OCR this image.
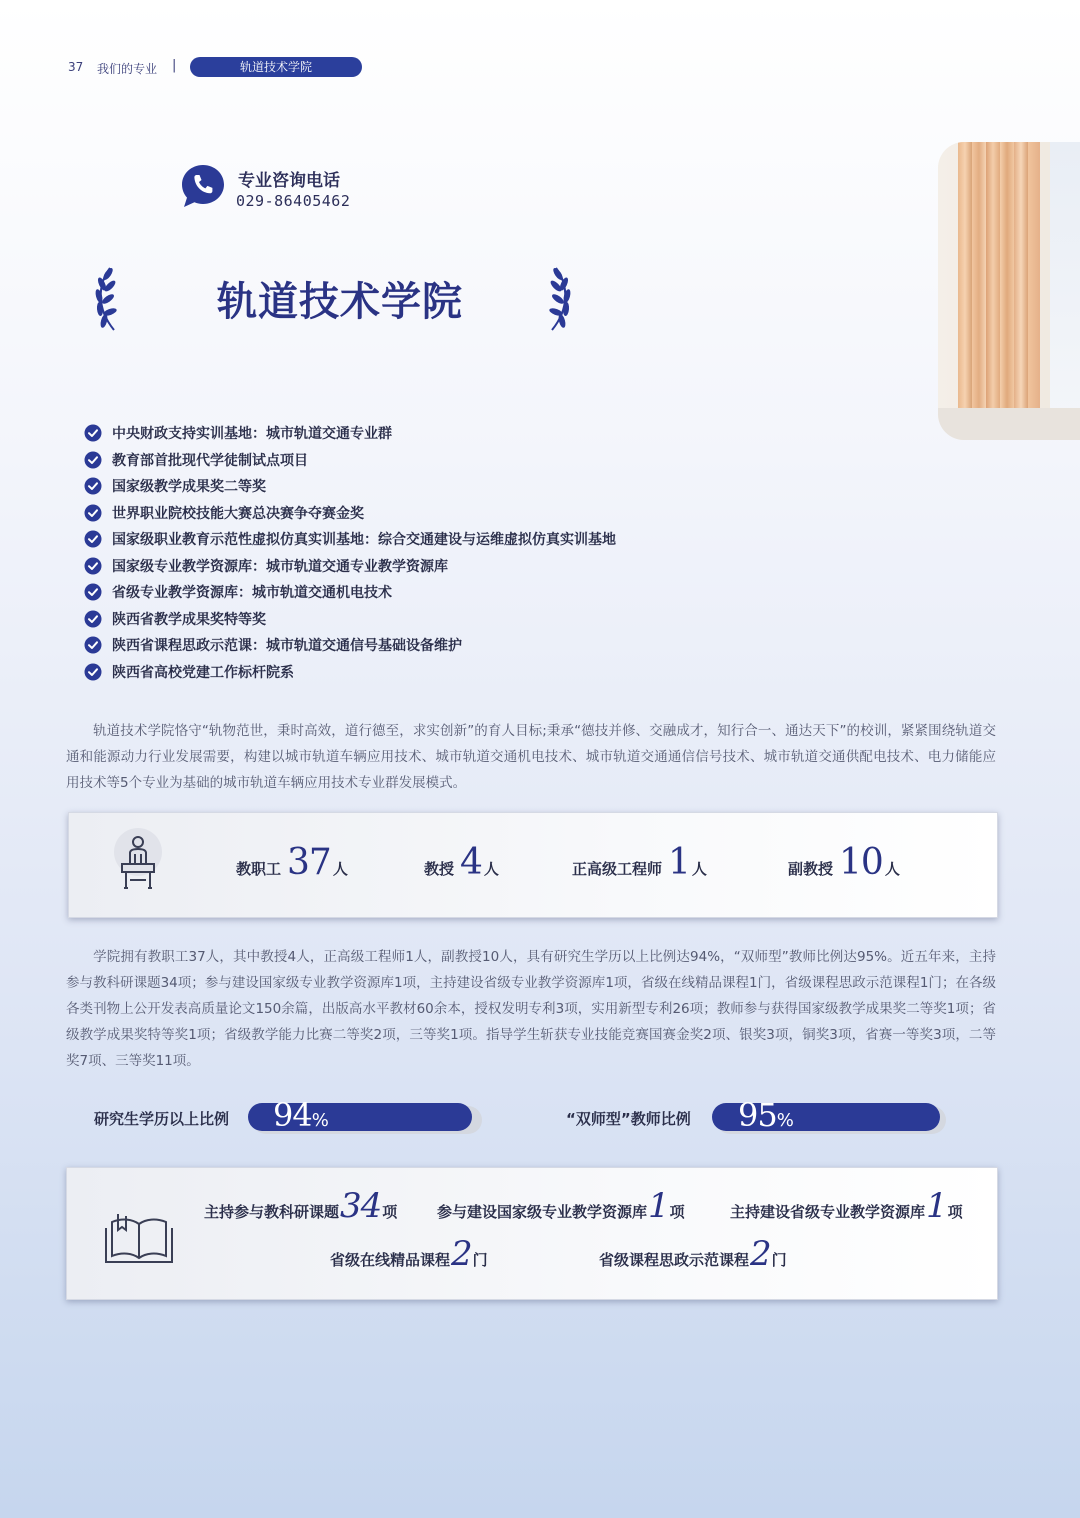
37 我们的专业 |	轨道技术学院
专业咨询电话
029-86405462
轨道技术学院
中央财政支持实训基地：城市轨道交通专业群
教育部首批现代学徒制试点项目
国家级教学成果奖二等奖
世界职业院校技能大赛总决赛争夺赛金奖
国家级职业教育示范性虚拟仿真实训基地：综合交通建设与运维虚拟仿真实训基地
国家级专业教学资源库：城市轨道交通专业教学资源库
省级专业教学资源库：城市轨道交通机电技术
陕西省教学成果奖特等奖
陕西省课程思政示范课：城市轨道交通信号基础设备维护
陕西省高校党建工作标杆院系
轨道技术学院恪守“轨物范世，秉时高效，道行德至，求实创新”的育人目标;秉承“德技并修、交融成才，知行合一、通达天下”的校训，紧紧围绕轨道交通和能源动力行业发展需要，构建以城市轨道车辆应用技术、城市轨道交通机电技术、城市轨道交通通信信号技术、城市轨道交通供配电技术、电力储能应用技术等5个专业为基础的城市轨道车辆应用技术专业群发展模式。
教职工 37 人	教授 4 人	正高级工程师 1 人	副教授 10 人
学院拥有教职工37人，其中教授4人，正高级工程师1人，副教授10人，具有研究生学历以上比例达94%，“双师型”教师比例达95%。近五年来，主持参与教科研课题34项；参与建设国家级专业教学资源库1项，主持建设省级专业教学资源库1项，省级在线精品课程1门，省级课程思政示范课程1门；在各级各类刊物上公开发表高质量论文150余篇，出版高水平教材60余本，授权发明专利3项，实用新型专利26项；教师参与获得国家级教学成果奖二等奖1项；省级教学成果奖特等奖1项；省级教学能力比赛二等奖2项，三等奖1项。指导学生斩获专业技能竞赛国赛金奖2项、银奖3项，铜奖3项，省赛一等奖3项，二等奖7项、三等奖11项。
研究生学历以上比例 94%	“双师型”教师比例 95%
主持参与教科研课题34项	参与建设国家级专业教学资源库1项	主持建设省级专业教学资源库1项
省级在线精品课程2门	省级课程思政示范课程2门
